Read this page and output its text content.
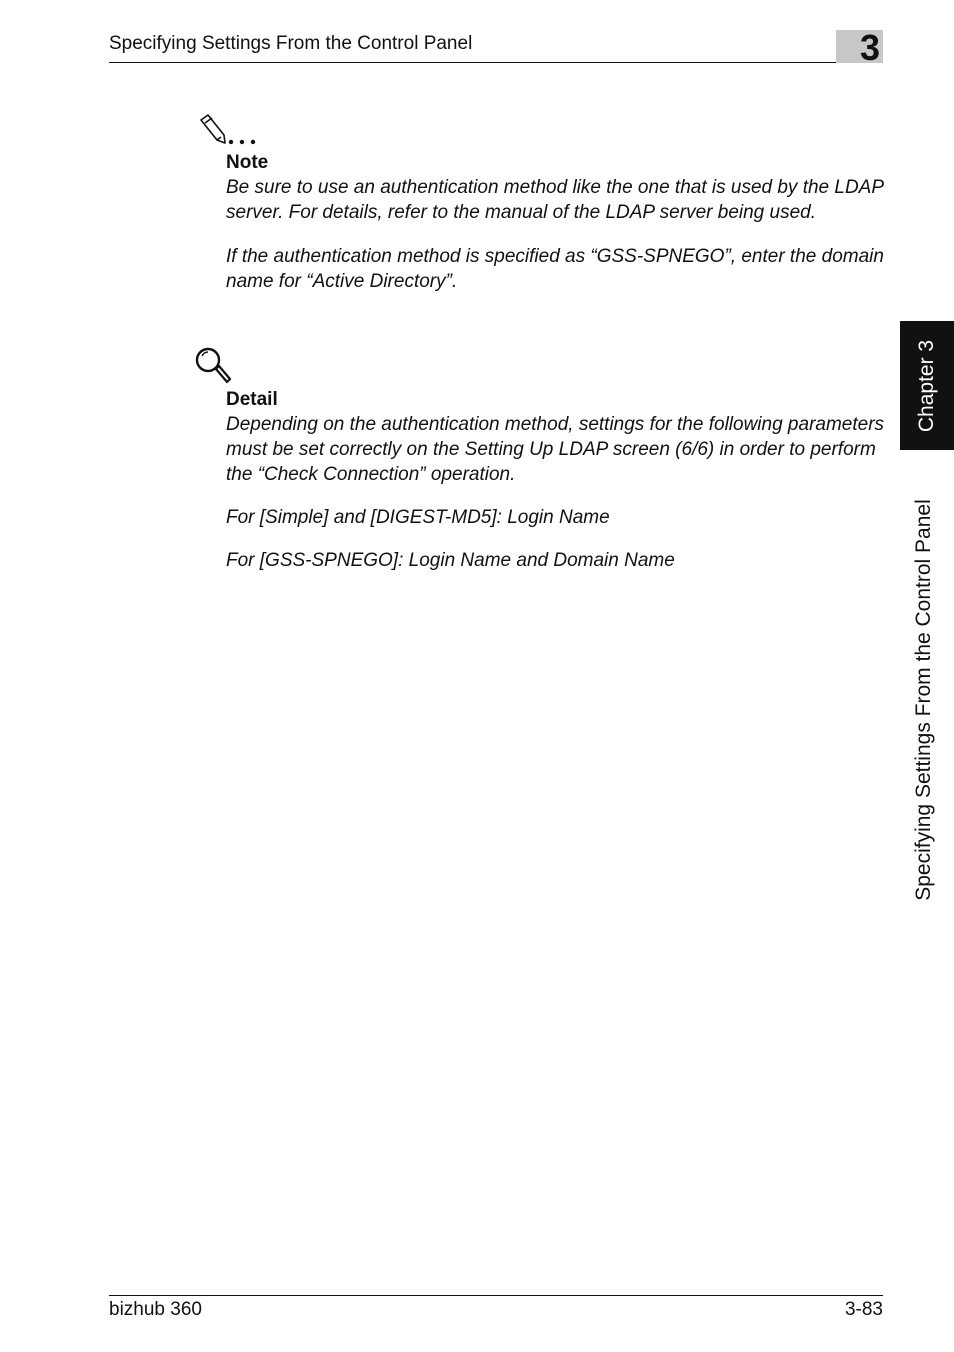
Specifying Settings From the Control Panel	3
Chapter 3
Specifying Settings From the Control Panel
Note

Be sure to use an authentication method like the one that is used by the LDAP server. For details, refer to the manual of the LDAP server being used.

If the authentication method is specified as “GSS-SPNEGO”, enter the domain name for “Active Directory”.

Detail

Depending on the authentication method, settings for the following parameters must be set correctly on the Setting Up LDAP screen (6/6) in order to perform the “Check Connection” operation.

For [Simple] and [DIGEST-MD5]: Login Name

For [GSS-SPNEGO]: Login Name and Domain Name

bizhub 360	3-83
